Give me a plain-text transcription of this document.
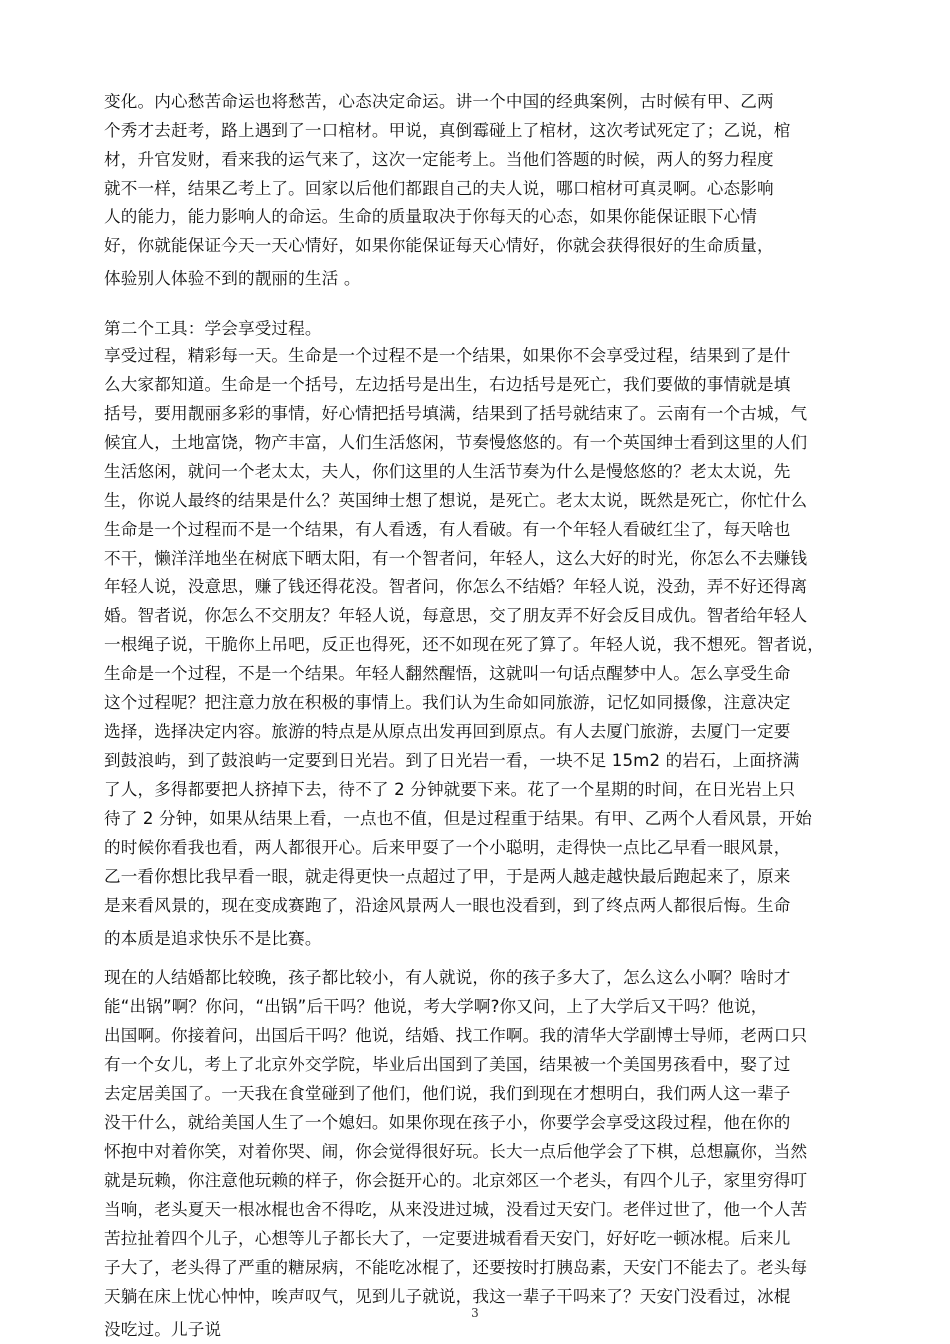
变化。内心愁苦命运也将愁苦，心态决定命运。讲一个中国的经典案例，古时候有甲、乙两
个秀才去赶考，路上遇到了一口棺材。甲说，真倒霉碰上了棺材，这次考试死定了；乙说，棺
材，升官发财，看来我的运气来了，这次一定能考上。当他们答题的时候，两人的努力程度
就不一样，结果乙考上了。回家以后他们都跟自己的夫人说，哪口棺材可真灵啊。心态影响
人的能力，能力影响人的命运。生命的质量取决于你每天的心态，如果你能保证眼下心情
好，你就能保证今天一天心情好，如果你能保证每天心情好，你就会获得很好的生命质量，
体验别人体验不到的靓丽的生活 。
第二个工具：学会享受过程。
享受过程，精彩每一天。生命是一个过程不是一个结果，如果你不会享受过程，结果到了是什
么大家都知道。生命是一个括号，左边括号是出生，右边括号是死亡，我们要做的事情就是填
括号，要用靓丽多彩的事情，好心情把括号填满，结果到了括号就结束了。云南有一个古城，气
候宜人，土地富饶，物产丰富，人们生活悠闲，节奏慢悠悠的。有一个英国绅士看到这里的人们
生活悠闲，就问一个老太太，夫人，你们这里的人生活节奏为什么是慢悠悠的？老太太说，先
生，你说人最终的结果是什么？英国绅士想了想说，是死亡。老太太说，既然是死亡，你忙什么
生命是一个过程而不是一个结果，有人看透，有人看破。有一个年轻人看破红尘了，每天啥也
不干，懒洋洋地坐在树底下晒太阳，有一个智者问，年轻人，这么大好的时光，你怎么不去赚钱
年轻人说，没意思，赚了钱还得花没。智者问，你怎么不结婚？年轻人说，没劲，弄不好还得离
婚。智者说，你怎么不交朋友？年轻人说，每意思，交了朋友弄不好会反目成仇。智者给年轻人
一根绳子说，干脆你上吊吧，反正也得死，还不如现在死了算了。年轻人说，我不想死。智者说，
生命是一个过程，不是一个结果。年轻人翻然醒悟，这就叫一句话点醒梦中人。怎么享受生命
这个过程呢？把注意力放在积极的事情上。我们认为生命如同旅游，记忆如同摄像，注意决定
选择，选择决定内容。旅游的特点是从原点出发再回到原点。有人去厦门旅游，去厦门一定要
到鼓浪屿，到了鼓浪屿一定要到日光岩。到了日光岩一看，一块不足 15m2 的岩石，上面挤满
了人，多得都要把人挤掉下去，待不了 2 分钟就要下来。花了一个星期的时间，在日光岩上只
待了 2 分钟，如果从结果上看，一点也不值，但是过程重于结果。有甲、乙两个人看风景，开始
的时候你看我也看，两人都很开心。后来甲耍了一个小聪明，走得快一点比乙早看一眼风景，
乙一看你想比我早看一眼，就走得更快一点超过了甲，于是两人越走越快最后跑起来了，原来
是来看风景的，现在变成赛跑了，沿途风景两人一眼也没看到，到了终点两人都很后悔。生命
的本质是追求快乐不是比赛。
现在的人结婚都比较晚，孩子都比较小，有人就说，你的孩子多大了，怎么这么小啊？啥时才
能“出锅”啊？你问，“出锅”后干吗？他说，考大学啊?你又问，上了大学后又干吗？他说，
出国啊。你接着问，出国后干吗？他说，结婚、找工作啊。我的清华大学副博士导师，老两口只
有一个女儿，考上了北京外交学院，毕业后出国到了美国，结果被一个美国男孩看中，娶了过
去定居美国了。一天我在食堂碰到了他们，他们说，我们到现在才想明白，我们两人这一辈子
没干什么，就给美国人生了一个媳妇。如果你现在孩子小，你要学会享受这段过程，他在你的
怀抱中对着你笑，对着你哭、闹，你会觉得很好玩。长大一点后他学会了下棋，总想赢你，当然
就是玩赖，你注意他玩赖的样子，你会挺开心的。北京郊区一个老头，有四个儿子，家里穷得叮
当响，老头夏天一根冰棍也舍不得吃，从来没进过城，没看过天安门。老伴过世了，他一个人苦
苦拉扯着四个儿子，心想等儿子都长大了，一定要进城看看天安门，好好吃一顿冰棍。后来儿
子大了，老头得了严重的糖尿病，不能吃冰棍了，还要按时打胰岛素，天安门不能去了。老头每
天躺在床上忧心忡忡，唉声叹气，见到儿子就说，我这一辈子干吗来了？天安门没看过，冰棍
没吃过。儿子说
3
